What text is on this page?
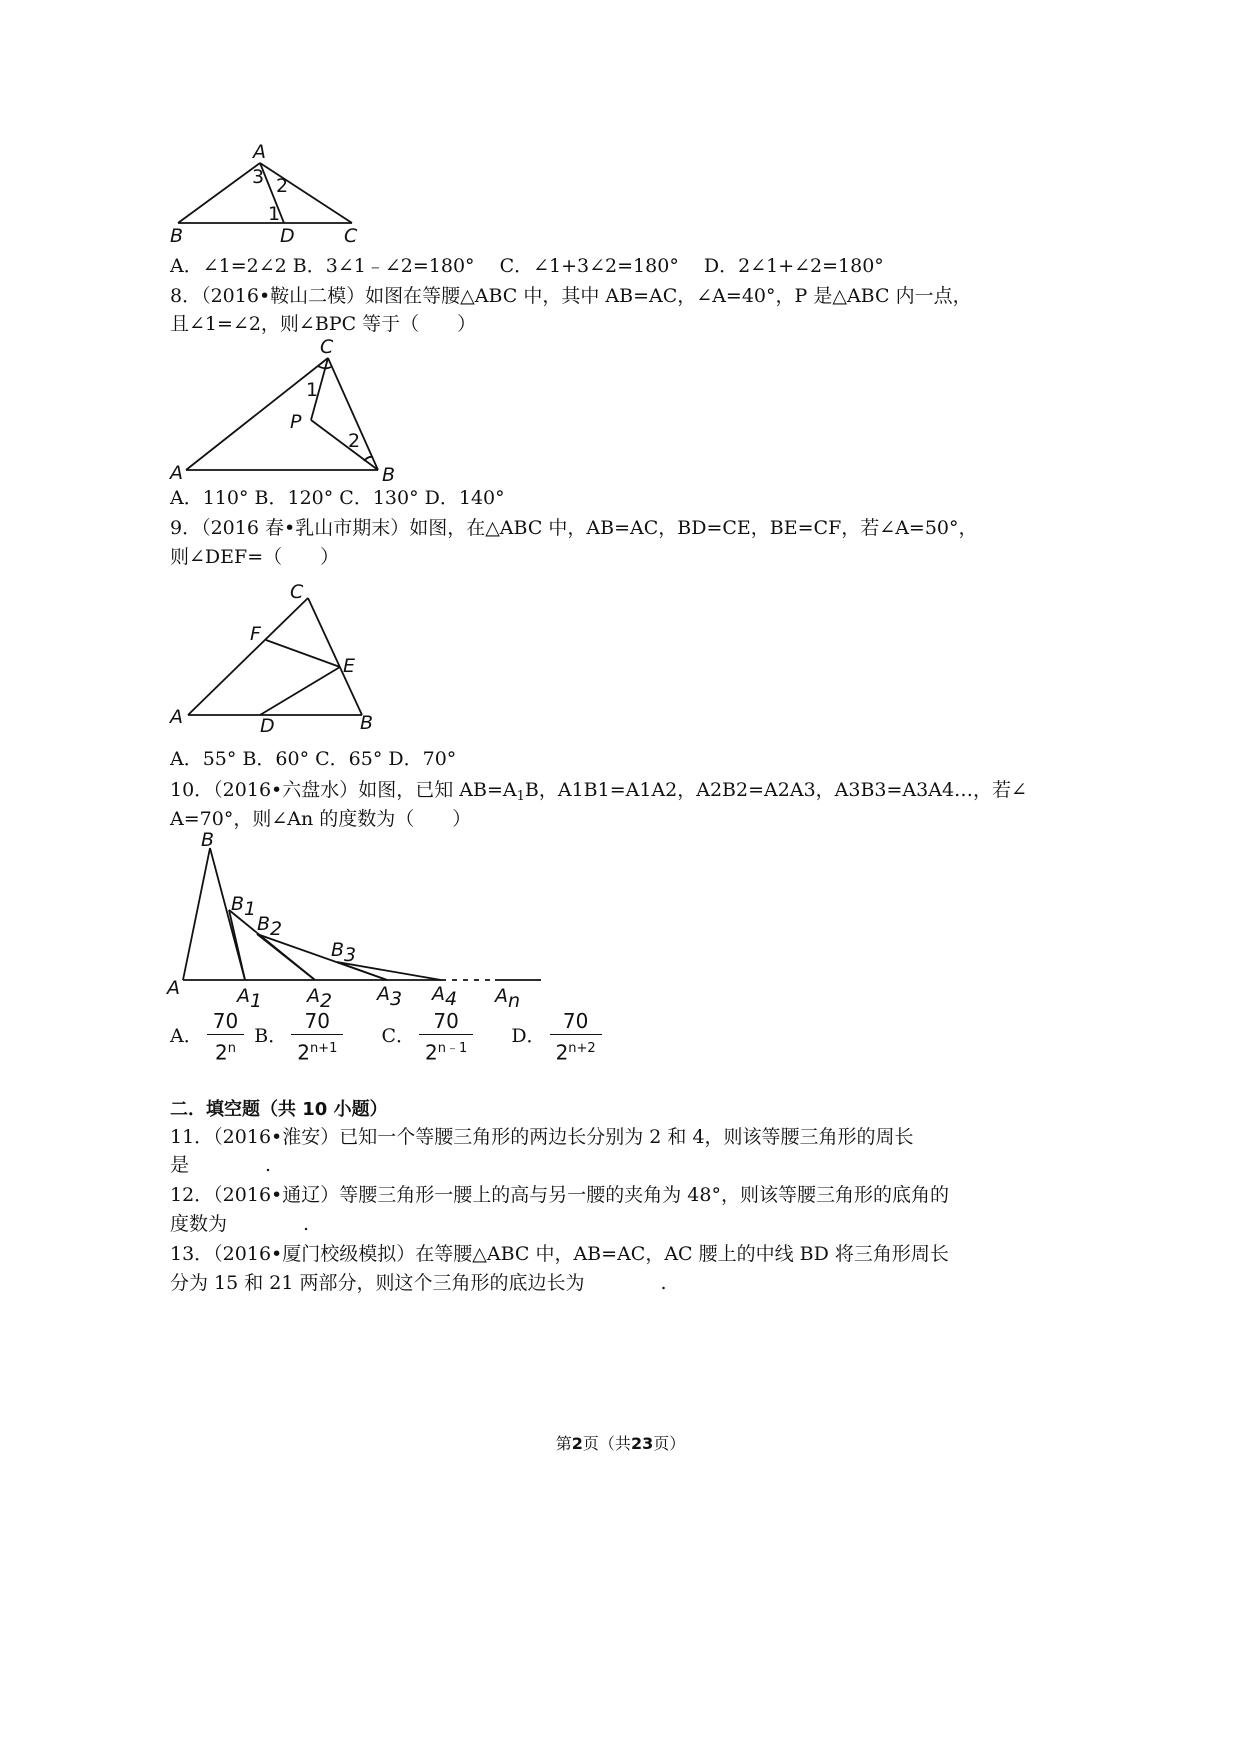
A
B	D	C
3 2
1
A．∠1=2∠2 B．3∠1﹣∠2=180°　 C．∠1+3∠2=180°　 D．2∠1+∠2=180°
8．（2016•鞍山二模）如图在等腰△ABC 中，其中 AB=AC，∠A=40°，P 是△ABC 内一点，
且∠1=∠2，则∠BPC 等于（　　）
C
A	B
P
1
2
A．110° B．120° C．130° D．140°
9．（2016 春•乳山市期末）如图，在△ABC 中，AB=AC，BD=CE，BE=CF，若∠A=50°，
则∠DEF=（　　）
C
F
E
A	D	B
A．55° B．60° C．65° D．70°
10．（2016•六盘水）如图，已知 $AB=A_1B$，A1B1=A1A2，A2B2=A2A3，A3B3=A3A4…，若∠
A=70°，则∠An 的度数为（　　）
B
B1
B2
B3
A	A1 A2 A3 A4 An
A． $\frac{70}{2^n}$ B． $\frac{70}{2^{n+1}}$ C． $\frac{70}{2^{n﹣1}}$ D． $\frac{70}{2^{n+2}}$
二．填空题（共 10 小题）
11．（2016•淮安）已知一个等腰三角形的两边长分别为 2 和 4，则该等腰三角形的周长
是　　　　.
12．（2016•通辽）等腰三角形一腰上的高与另一腰的夹角为 48°，则该等腰三角形的底角的
度数为　　　　.
13．（2016•厦门校级模拟）在等腰△ABC 中，AB=AC，AC 腰上的中线 BD 将三角形周长
分为 15 和 21 两部分，则这个三角形的底边长为　　　　.
第2页（共23页）
